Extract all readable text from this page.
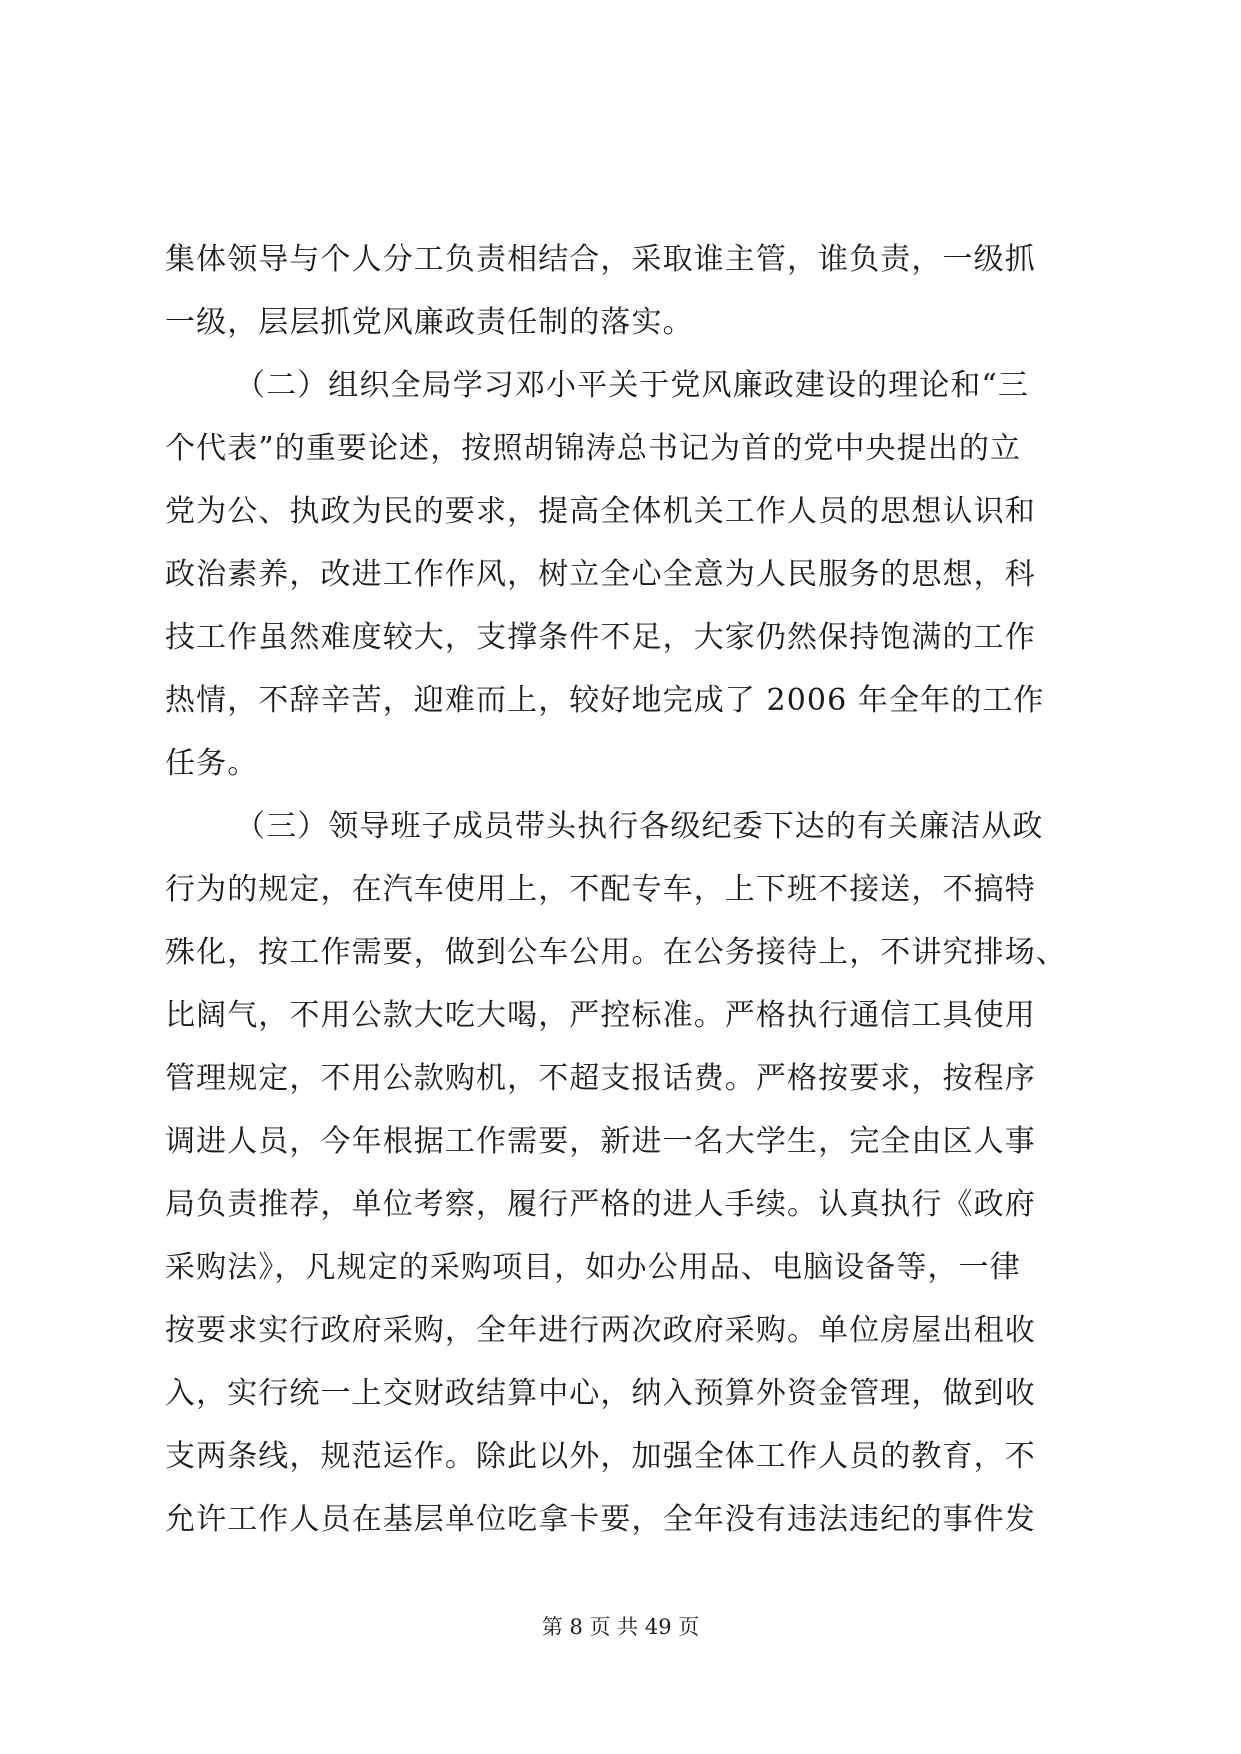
集体领导与个人分工负责相结合，采取谁主管，谁负责，一级抓
一级，层层抓党风廉政责任制的落实。
（二）组织全局学习邓小平关于党风廉政建设的理论和“三
个代表”的重要论述，按照胡锦涛总书记为首的党中央提出的立
党为公、执政为民的要求，提高全体机关工作人员的思想认识和
政治素养，改进工作作风，树立全心全意为人民服务的思想，科
技工作虽然难度较大，支撑条件不足，大家仍然保持饱满的工作
热情，不辞辛苦，迎难而上，较好地完成了 2006 年全年的工作
任务。
（三）领导班子成员带头执行各级纪委下达的有关廉洁从政
行为的规定，在汽车使用上，不配专车，上下班不接送，不搞特
殊化，按工作需要，做到公车公用。在公务接待上，不讲究排场、
比阔气，不用公款大吃大喝，严控标准。严格执行通信工具使用
管理规定，不用公款购机，不超支报话费。严格按要求，按程序
调进人员，今年根据工作需要，新进一名大学生，完全由区人事
局负责推荐，单位考察，履行严格的进人手续。认真执行《政府
采购法》，凡规定的采购项目，如办公用品、电脑设备等，一律
按要求实行政府采购，全年进行两次政府采购。单位房屋出租收
入，实行统一上交财政结算中心，纳入预算外资金管理，做到收
支两条线，规范运作。除此以外，加强全体工作人员的教育，不
允许工作人员在基层单位吃拿卡要，全年没有违法违纪的事件发
第 8 页 共 49 页
